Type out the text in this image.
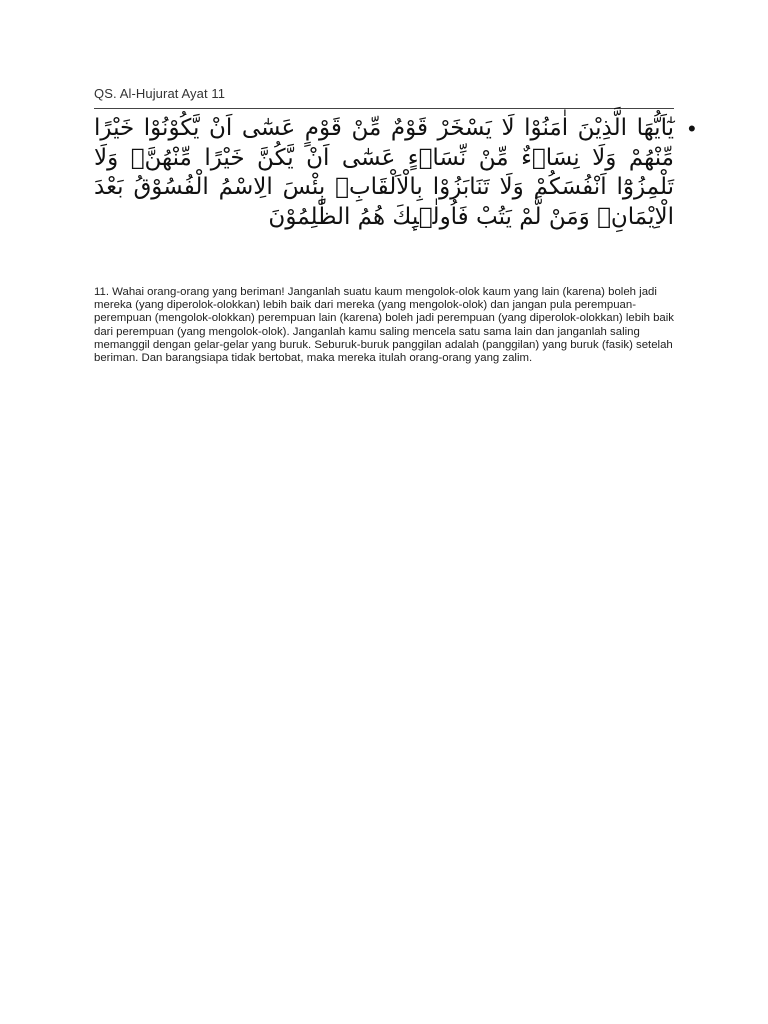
QS. Al-Hujurat Ayat 11
•
يٰٓاَيُّهَا الَّذِيْنَ اٰمَنُوْا لَا يَسْخَرْ قَوْمٌ مِّنْ قَوْمٍ عَسٰٓى اَنْ يَّكُوْنُوْا خَيْرًا مِّنْهُمْ وَلَا نِسَاۤءٌ مِّنْ نِّسَاۤءٍ عَسٰٓى اَنْ يَّكُنَّ خَيْرًا مِّنْهُنَّۚ وَلَا تَلْمِزُوْٓا اَنْفُسَكُمْ وَلَا تَنَابَزُوْا بِالْاَلْقَابِۗ بِئْسَ الِاسْمُ الْفُسُوْقُ بَعْدَ الْاِيْمَانِۚ وَمَنْ لَّمْ يَتُبْ فَاُولٰۤىِٕكَ هُمُ الظّٰلِمُوْنَ
11. Wahai orang-orang yang beriman! Janganlah suatu kaum mengolok-olok kaum yang lain (karena) boleh jadi mereka (yang diperolok-olokkan) lebih baik dari mereka (yang mengolok-olok) dan jangan pula perempuan-perempuan (mengolok-olokkan) perempuan lain (karena) boleh jadi perempuan (yang diperolok-olokkan) lebih baik dari perempuan (yang mengolok-olok). Janganlah kamu saling mencela satu sama lain dan janganlah saling memanggil dengan gelar-gelar yang buruk. Seburuk-buruk panggilan adalah (panggilan) yang buruk (fasik) setelah beriman. Dan barangsiapa tidak bertobat, maka mereka itulah orang-orang yang zalim.
